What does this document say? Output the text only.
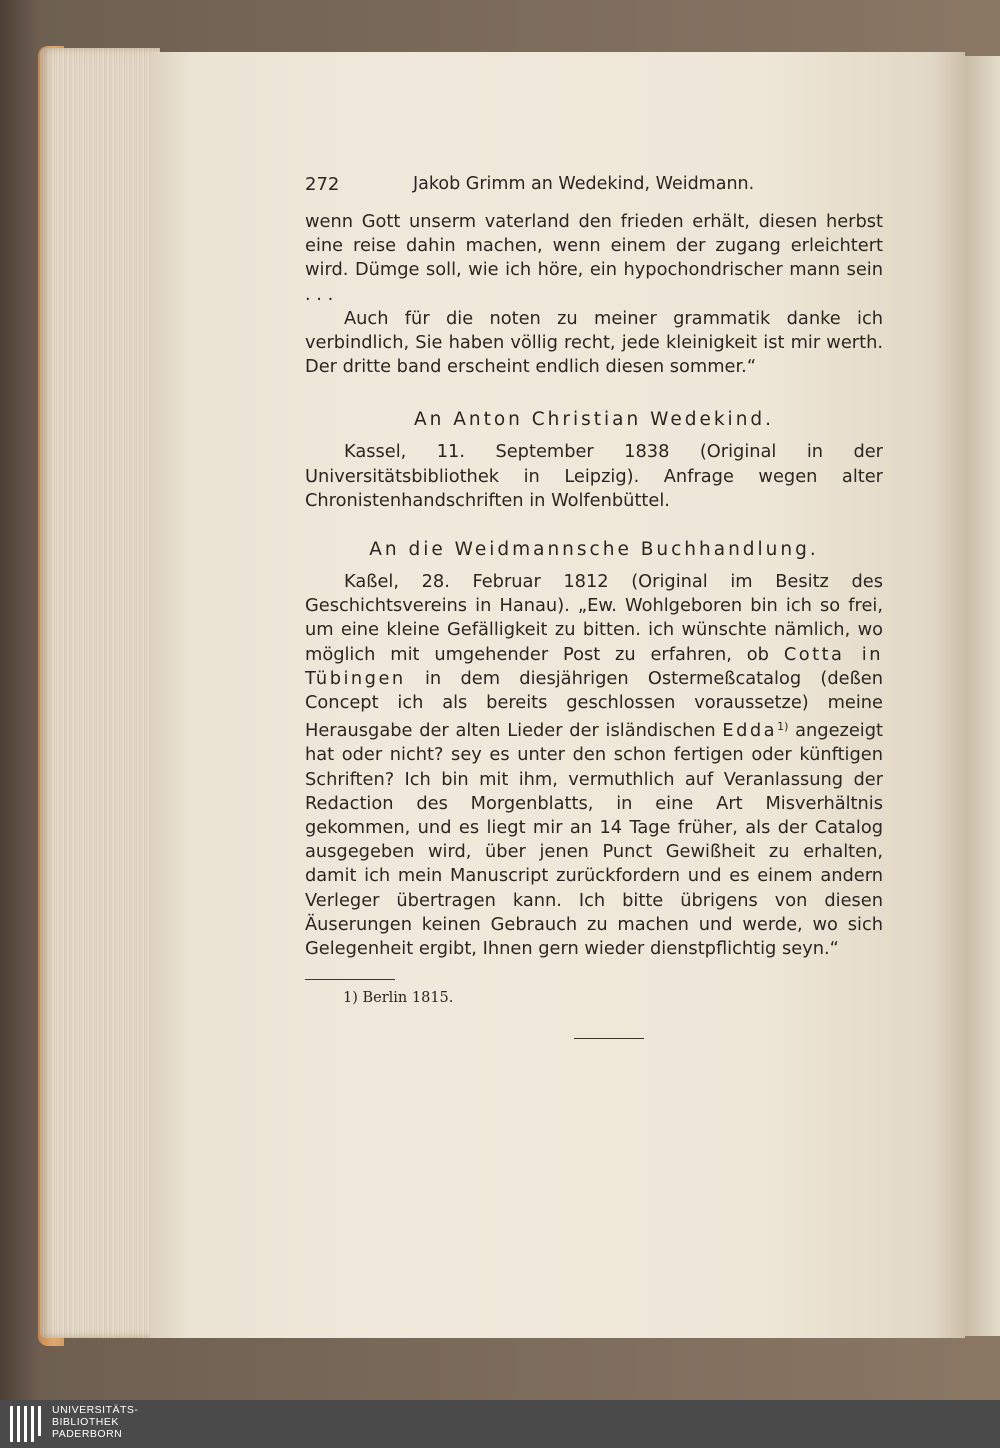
272	Jakob Grimm an Wedekind, Weidmann.

wenn Gott unserm vaterland den frieden erhält, diesen herbst eine reise dahin machen, wenn einem der zugang erleichtert wird. Dümge soll, wie ich höre, ein hypochondrischer mann sein . . .

Auch für die noten zu meiner grammatik danke ich verbindlich, Sie haben völlig recht, jede kleinigkeit ist mir werth. Der dritte band erscheint endlich diesen sommer.“

An Anton Christian Wedekind.

Kassel, 11. September 1838 (Original in der Universitätsbibliothek in Leipzig). Anfrage wegen alter Chronistenhandschriften in Wolfenbüttel.

An die Weidmannsche Buchhandlung.

Kaßel, 28. Februar 1812 (Original im Besitz des Geschichtsvereins in Hanau). „Ew. Wohlgeboren bin ich so frei, um eine kleine Gefälligkeit zu bitten. ich wünschte nämlich, wo möglich mit umgehender Post zu erfahren, ob Cotta in Tübingen in dem diesjährigen Ostermeßcatalog (deßen Concept ich als bereits geschlossen voraussetze) meine Herausgabe der alten Lieder der isländischen Edda$^{1)}$ angezeigt hat oder nicht? sey es unter den schon fertigen oder künftigen Schriften? Ich bin mit ihm, vermuthlich auf Veranlassung der Redaction des Morgenblatts, in eine Art Misverhältnis gekommen, und es liegt mir an 14 Tage früher, als der Catalog ausgegeben wird, über jenen Punct Gewißheit zu erhalten, damit ich mein Manuscript zurückfordern und es einem andern Verleger übertragen kann. Ich bitte übrigens von diesen Äuserungen keinen Gebrauch zu machen und werde, wo sich Gelegenheit ergibt, Ihnen gern wieder dienstpflichtig seyn.“

1) Berlin 1815.

UNIVERSITÄTS-
BIBLIOTHEK
PADERBORN
